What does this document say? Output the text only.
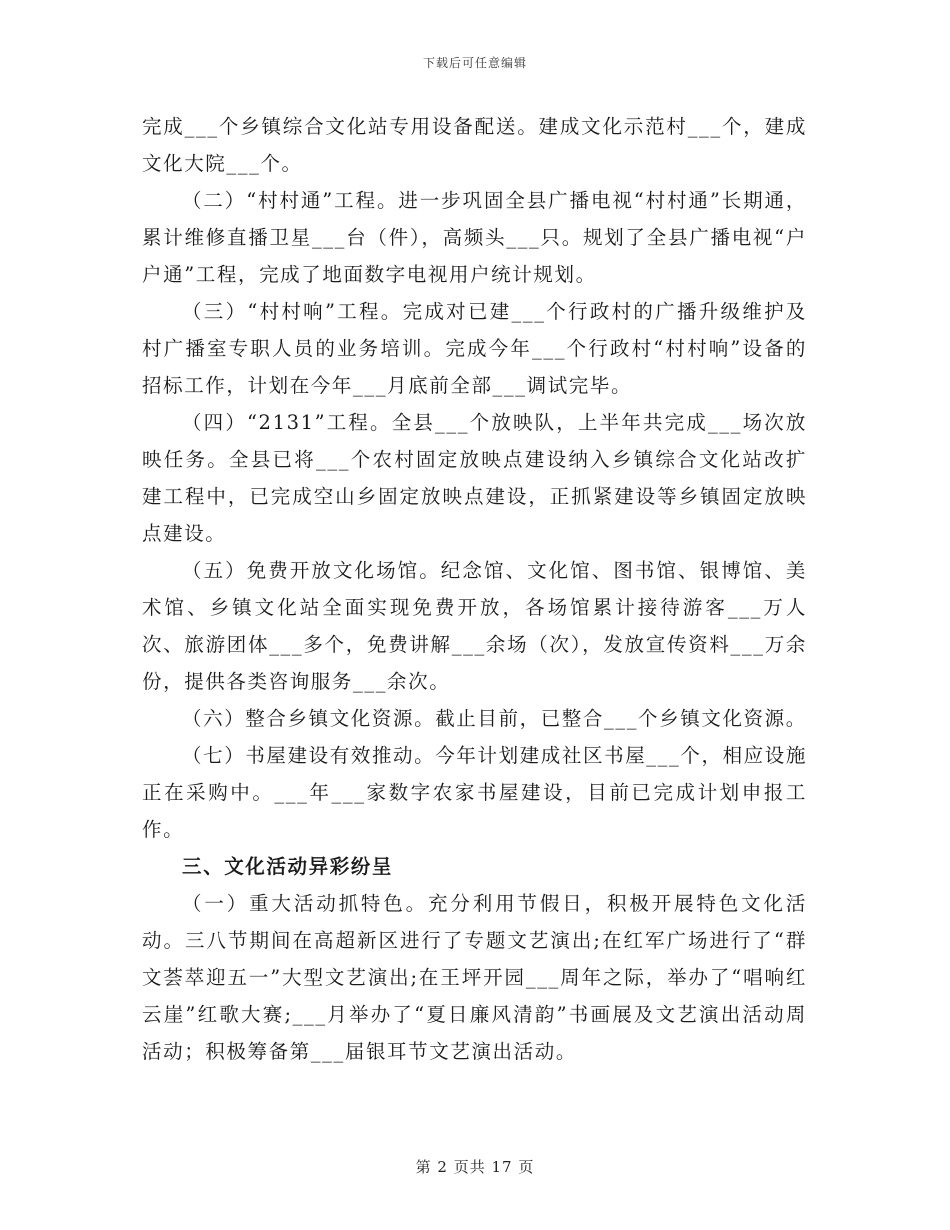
下载后可任意编辑

完成___个乡镇综合文化站专用设备配送。建成文化示范村___个，建成文化大院___个。

（二）“村村通”工程。进一步巩固全县广播电视“村村通”长期通，累计维修直播卫星___台（件），高频头___只。规划了全县广播电视“户户通”工程，完成了地面数字电视用户统计规划。

（三）“村村响”工程。完成对已建___个行政村的广播升级维护及村广播室专职人员的业务培训。完成今年___个行政村“村村响”设备的招标工作，计划在今年___月底前全部___调试完毕。

（四）“2131”工程。全县___个放映队，上半年共完成___场次放映任务。全县已将___个农村固定放映点建设纳入乡镇综合文化站改扩建工程中，已完成空山乡固定放映点建设，正抓紧建设等乡镇固定放映点建设。

（五）免费开放文化场馆。纪念馆、文化馆、图书馆、银博馆、美术馆、乡镇文化站全面实现免费开放，各场馆累计接待游客___万人次、旅游团体___多个，免费讲解___余场（次），发放宣传资料___万余份，提供各类咨询服务___余次。

（六）整合乡镇文化资源。截止目前，已整合___个乡镇文化资源。

（七）书屋建设有效推动。今年计划建成社区书屋___个，相应设施正在采购中。___年___家数字农家书屋建设，目前已完成计划申报工作。

三、文化活动异彩纷呈

（一）重大活动抓特色。充分利用节假日，积极开展特色文化活动。三八节期间在高超新区进行了专题文艺演出;在红军广场进行了“群文荟萃迎五一”大型文艺演出;在王坪开园___周年之际，举办了“唱响红云崖”红歌大赛;___月举办了“夏日廉风清韵”书画展及文艺演出活动周活动；积极筹备第___届银耳节文艺演出活动。

第 2 页共 17 页
